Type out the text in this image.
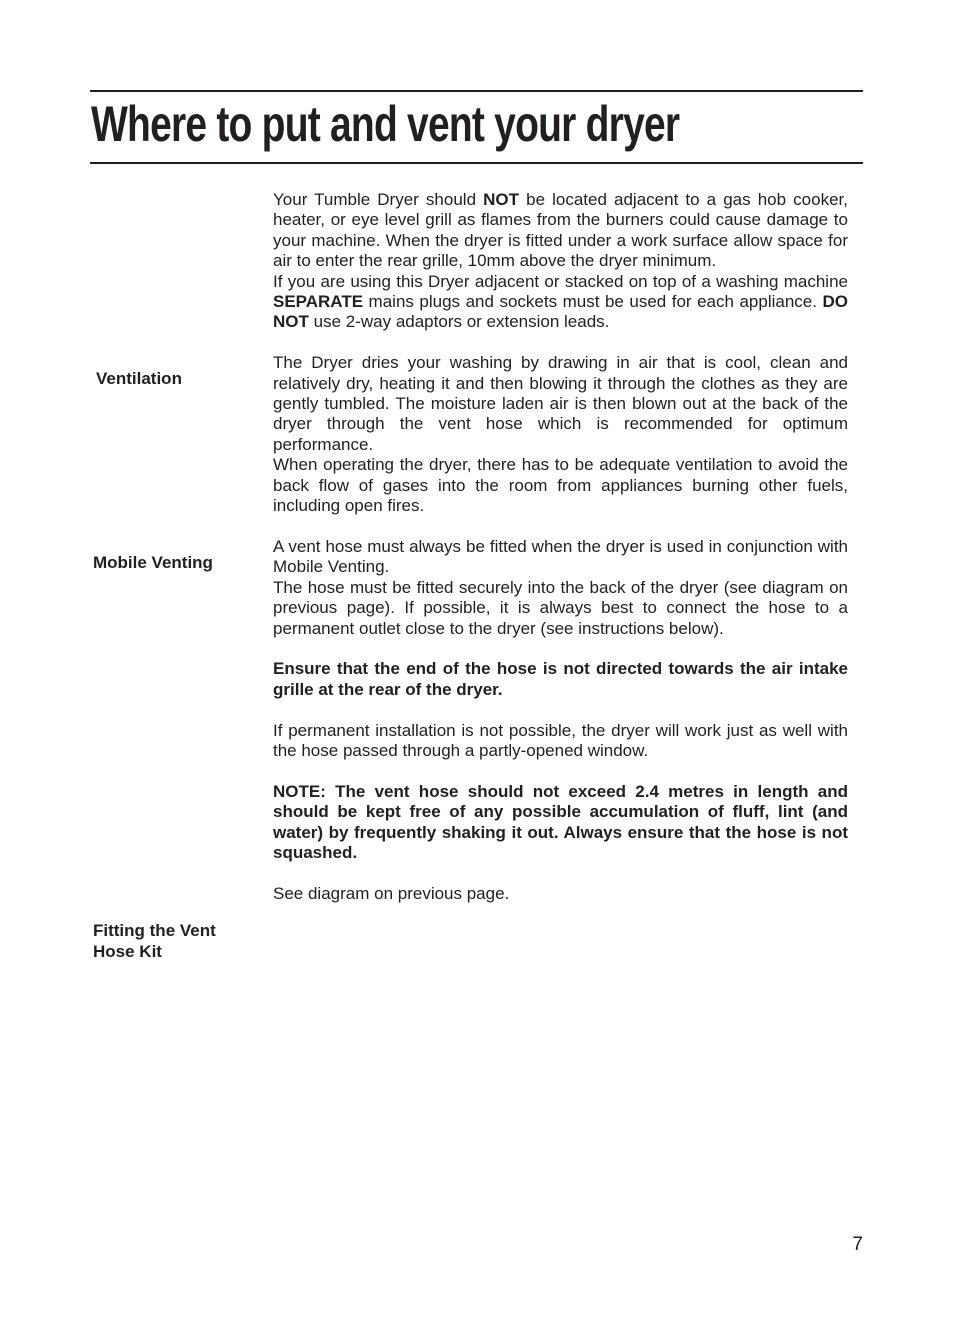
Where to put and vent your dryer
Ventilation
Mobile Venting
Fitting the Vent
Hose Kit

Your Tumble Dryer should NOT be located adjacent to a gas hob cooker, heater, or eye level grill as flames from the burners could cause damage to your machine. When the dryer is fitted under a work surface allow space for air to enter the rear grille, 10mm above the dryer minimum.

If you are using this Dryer adjacent or stacked on top of a washing machine SEPARATE mains plugs and sockets must be used for each appliance. DO NOT use 2-way adaptors or extension leads.

The Dryer dries your washing by drawing in air that is cool, clean and relatively dry, heating it and then blowing it through the clothes as they are gently tumbled. The moisture laden air is then blown out at the back of the dryer through the vent hose which is recommended for optimum performance.

When operating the dryer, there has to be adequate ventilation to avoid the back flow of gases into the room from appliances burning other fuels, including open fires.

A vent hose must always be fitted when the dryer is used in conjunction with Mobile Venting.

The hose must be fitted securely into the back of the dryer (see diagram on previous page). If possible, it is always best to connect the hose to a permanent outlet close to the dryer (see instructions below).

Ensure that the end of the hose is not directed towards the air intake grille at the rear of the dryer.

If permanent installation is not possible, the dryer will work just as well with the hose passed through a partly-opened window.

NOTE: The vent hose should not exceed 2.4 metres in length and should be kept free of any possible accumulation of fluff, lint (and water) by frequently shaking it out. Always ensure that the hose is not squashed.

See diagram on previous page.

7
